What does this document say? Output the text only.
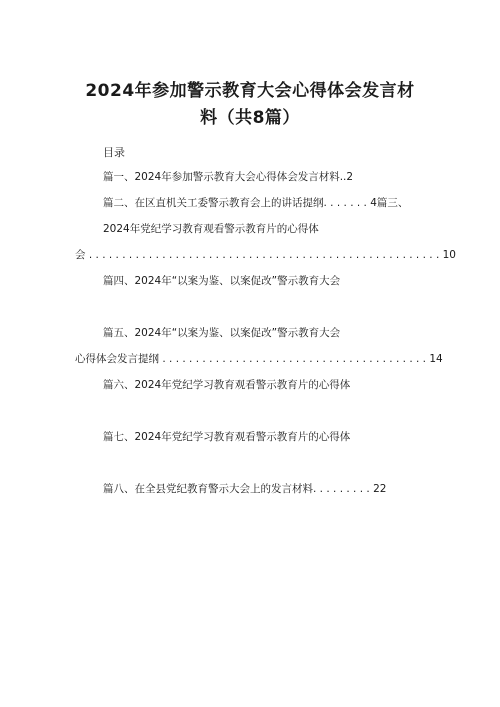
2024年参加警示教育大会心得体会发言材
料（共8篇）
目录
篇一、2024年参加警示教育大会心得体会发言材料..2
篇二、在区直机关工委警示教育会上的讲话提纲. . . . . . . 4篇三、
2024年党纪学习教育观看警示教育片的心得体
会 . . . . . . . . . . . . . . . . . . . . . . . . . . . . . . . . . . . . . . . . . . . . . . . . . . . . . 10
篇四、2024年“以案为鉴、以案促改”警示教育大会
篇五、2024年“以案为鉴、以案促改”警示教育大会
心得体会发言提纲 . . . . . . . . . . . . . . . . . . . . . . . . . . . . . . . . . . . . . . . . 14
篇六、2024年党纪学习教育观看警示教育片的心得体
篇七、2024年党纪学习教育观看警示教育片的心得体
篇八、在全县党纪教育警示大会上的发言材料. . . . . . . . . 22
